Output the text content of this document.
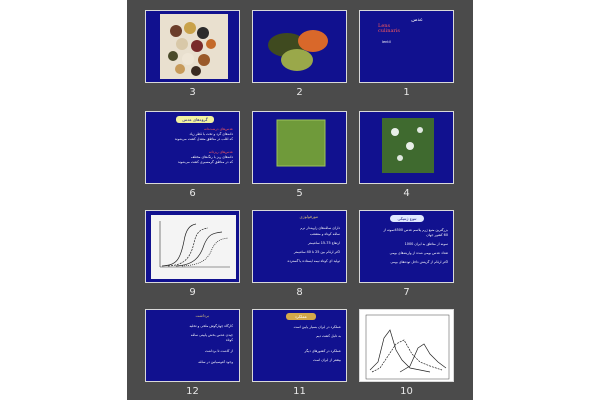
عدس
Lens
culinaris
lentil
1
2
3
4
5
گروه‌های عدس
عدس‌های درشت‌دانه
دانه‌های گرد و تخت با قطر زیاد
که اغلب در مناطق معتدل کشت می‌شوند
عدس‌های ریزدانه
دانه‌های ریز با رنگ‌های مختلف
که در مناطق گرمسیری کشت می‌شوند
6
تنوع ژنتیکی
بزرگترین منبع ژرم پلاسم عدس 4500نمونه از
60 کشور جهان
نمونه از مناطق به ایران 1000
تعداد عدس بومی شده از واریته‌های بومی
اکثر ارقام از گزینش داخل توده‌های بومی
7
مورفولوژی
دارای ساقه‌های زاویه‌دار نرم
ساقه کوتاه و منشعب
ارتفاع 75-15 سانتیمتر
اکثر ارقام بین 25 تا 40 سانتیمتر
تولید ای کوتاه نیمه ایستاده یا گسترده
8
9
10
عملکرد
عملکرد در ایران بسیار پایین است
به دلیل کشت دیم
عملکرد در کشورهای دیگر
بیشتر از ایران است
11
برداشت
کارگاه چهارگوش ملخی و تخلیه
چیدن عدس بخش پایینی ساقه
کوتاه
از کاشت تا برداشت
وجود آنتوسیانین در ساقه
12
